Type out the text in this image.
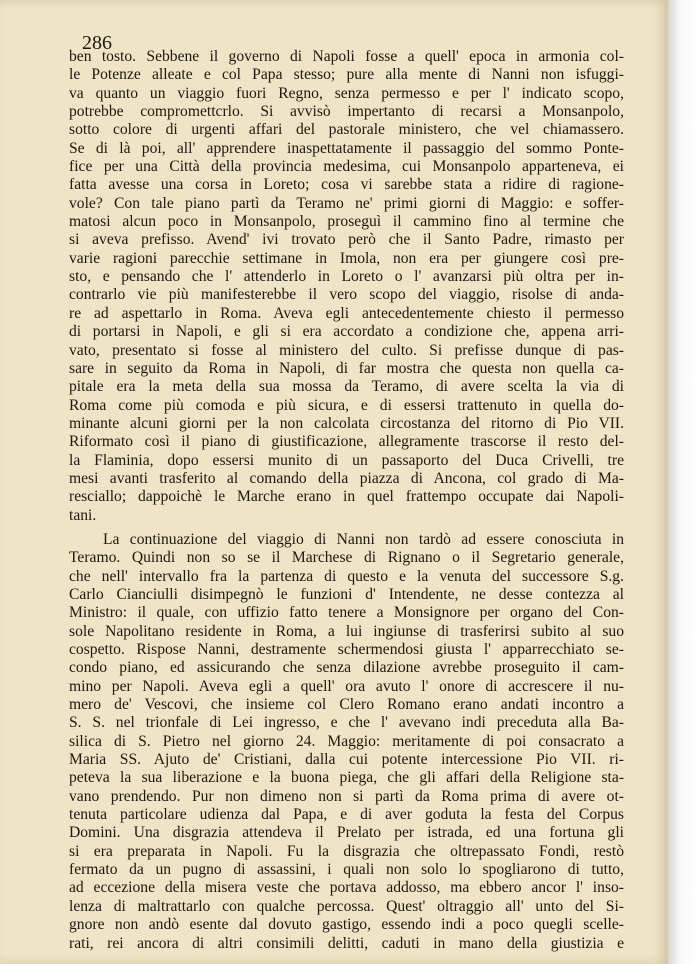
286
ben tosto. Sebbene il governo di Napoli fosse a quell' epoca in armonia col-
le Potenze alleate e col Papa stesso; pure alla mente di Nanni non isfuggi-
va quanto un viaggio fuori Regno, senza permesso e per l' indicato scopo,
potrebbe compromettcrlo. Si avvisò impertanto di recarsi a Monsanpolo,
sotto colore di urgenti affari del pastorale ministero, che vel chiamassero.
Se di là poi, all' apprendere inaspettatamente il passaggio del sommo Ponte-
fice per una Città della provincia medesima, cui Monsanpolo apparteneva, ei
fatta avesse una corsa in Loreto; cosa vi sarebbe stata a ridire di ragione-
vole? Con tale piano partì da Teramo ne' primi giorni di Maggio: e soffer-
matosi alcun poco in Monsanpolo, proseguì il cammino fino al termine che
si aveva prefisso. Avend' ivi trovato però che il Santo Padre, rimasto per
varie ragioni parecchie settimane in Imola, non era per giungere così pre-
sto, e pensando che l' attenderlo in Loreto o l' avanzarsi più oltra per in-
contrarlo vie più manifesterebbe il vero scopo del viaggio, risolse di anda-
re ad aspettarlo in Roma. Aveva egli antecedentemente chiesto il permesso
di portarsi in Napoli, e gli si era accordato a condizione che, appena arri-
vato, presentato si fosse al ministero del culto. Si prefisse dunque di pas-
sare in seguito da Roma in Napoli, di far mostra che questa non quella ca-
pitale era la meta della sua mossa da Teramo, di avere scelta la via di
Roma come più comoda e più sicura, e di essersi trattenuto in quella do-
minante alcuni giorni per la non calcolata circostanza del ritorno di Pio VII.
Riformato così il piano di giustificazione, allegramente trascorse il resto del-
la Flaminia, dopo essersi munito di un passaporto del Duca Crivelli, tre
mesi avanti trasferito al comando della piazza di Ancona, col grado di Ma-
resciallo; dappoichè le Marche erano in quel frattempo occupate dai Napoli-
tani.
La continuazione del viaggio di Nanni non tardò ad essere conosciuta in
Teramo. Quindi non so se il Marchese di Rignano o il Segretario generale,
che nell' intervallo fra la partenza di questo e la venuta del successore S.g.
Carlo Cianciulli disimpegnò le funzioni d' Intendente, ne desse contezza al
Ministro: il quale, con uffizio fatto tenere a Monsignore per organo del Con-
sole Napolitano residente in Roma, a lui ingiunse di trasferirsi subito al suo
cospetto. Rispose Nanni, destramente schermendosi giusta l' apparrecchiato se-
condo piano, ed assicurando che senza dilazione avrebbe proseguito il cam-
mino per Napoli. Aveva egli a quell' ora avuto l' onore di accrescere il nu-
mero de' Vescovi, che insieme col Clero Romano erano andati incontro a
S. S. nel trionfale di Lei ingresso, e che l' avevano indi preceduta alla Ba-
silica di S. Pietro nel giorno 24. Maggio: meritamente di poi consacrato a
Maria SS. Ajuto de' Cristiani, dalla cui potente intercessione Pio VII. ri-
peteva la sua liberazione e la buona piega, che gli affari della Religione sta-
vano prendendo. Pur non dimeno non si partì da Roma prima di avere ot-
tenuta particolare udienza dal Papa, e di aver goduta la festa del Corpus
Domini. Una disgrazia attendeva il Prelato per istrada, ed una fortuna gli
si era preparata in Napoli. Fu la disgrazia che oltrepassato Fondi, restò
fermato da un pugno di assassini, i quali non solo lo spogliarono di tutto,
ad eccezione della misera veste che portava addosso, ma ebbero ancor l' inso-
lenza di maltrattarlo con qualche percossa. Quest' oltraggio all' unto del Si-
gnore non andò esente dal dovuto gastigo, essendo indi a poco quegli scelle-
rati, rei ancora di altri consimili delitti, caduti in mano della giustizia e
